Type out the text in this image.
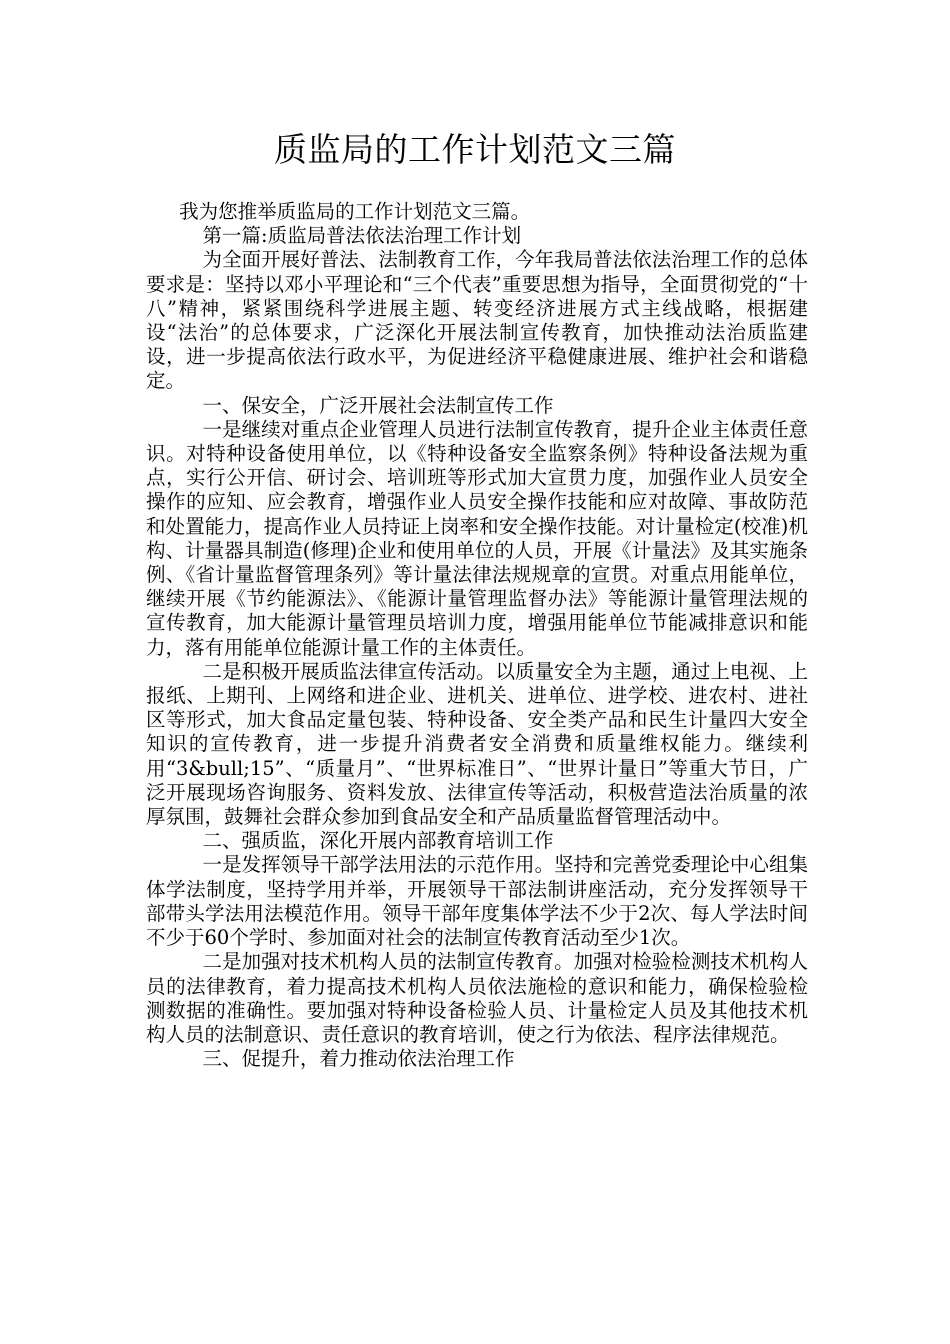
质监局的工作计划范文三篇

我为您推举质监局的工作计划范文三篇。

第一篇:质监局普法依法治理工作计划

为全面开展好普法、法制教育工作，今年我局普法依法治理工作的总体要求是：坚持以邓小平理论和“三个代表”重要思想为指导，全面贯彻党的“十八”精神，紧紧围绕科学进展主题、转变经济进展方式主线战略，根据建设“法治”的总体要求，广泛深化开展法制宣传教育，加快推动法治质监建设，进一步提高依法行政水平，为促进经济平稳健康进展、维护社会和谐稳定。

一、保安全，广泛开展社会法制宣传工作

一是继续对重点企业管理人员进行法制宣传教育，提升企业主体责任意识。对特种设备使用单位，以《特种设备安全监察条例》特种设备法规为重点，实行公开信、研讨会、培训班等形式加大宣贯力度，加强作业人员安全操作的应知、应会教育，增强作业人员安全操作技能和应对故障、事故防范和处置能力，提高作业人员持证上岗率和安全操作技能。对计量检定(校准)机构、计量器具制造(修理)企业和使用单位的人员，开展《计量法》及其实施条例、《省计量监督管理条列》等计量法律法规规章的宣贯。对重点用能单位，继续开展《节约能源法》、《能源计量管理监督办法》等能源计量管理法规的宣传教育，加大能源计量管理员培训力度，增强用能单位节能减排意识和能力，落有用能单位能源计量工作的主体责任。

二是积极开展质监法律宣传活动。以质量安全为主题，通过上电视、上报纸、上期刊、上网络和进企业、进机关、进单位、进学校、进农村、进社区等形式，加大食品定量包装、特种设备、安全类产品和民生计量四大安全知识的宣传教育，进一步提升消费者安全消费和质量维权能力。继续利用“3&bull;15”、“质量月”、“世界标准日”、“世界计量日”等重大节日，广泛开展现场咨询服务、资料发放、法律宣传等活动，积极营造法治质量的浓厚氛围，鼓舞社会群众参加到食品安全和产品质量监督管理活动中。

二、强质监，深化开展内部教育培训工作

一是发挥领导干部学法用法的示范作用。坚持和完善党委理论中心组集体学法制度，坚持学用并举，开展领导干部法制讲座活动，充分发挥领导干部带头学法用法模范作用。领导干部年度集体学法不少于2次、每人学法时间不少于60个学时、参加面对社会的法制宣传教育活动至少1次。

二是加强对技术机构人员的法制宣传教育。加强对检验检测技术机构人员的法律教育，着力提高技术机构人员依法施检的意识和能力，确保检验检测数据的准确性。要加强对特种设备检验人员、计量检定人员及其他技术机构人员的法制意识、责任意识的教育培训，使之行为依法、程序法律规范。

三、促提升，着力推动依法治理工作
